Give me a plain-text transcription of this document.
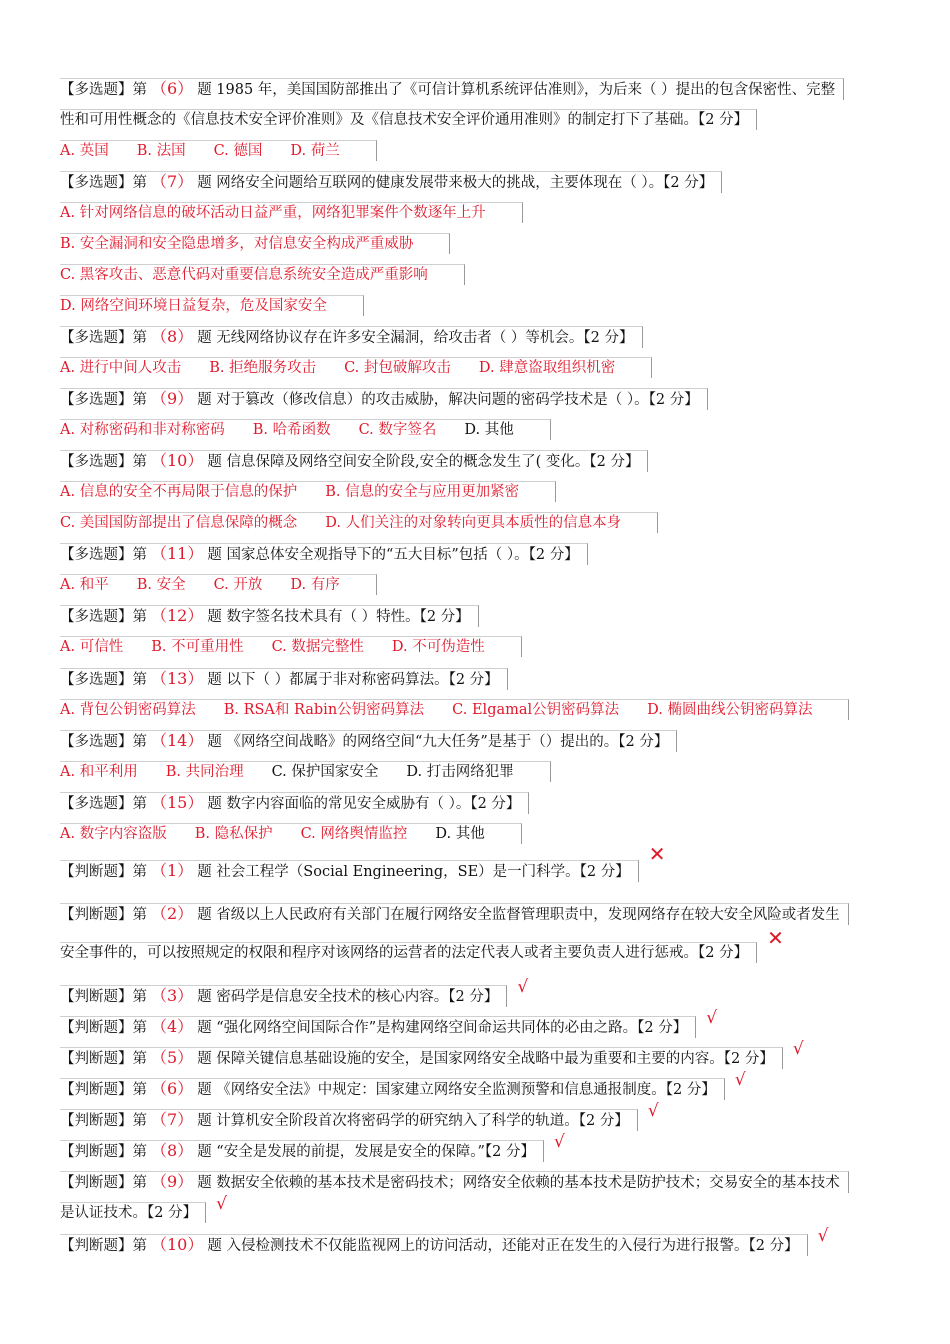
【多选题】第 （6） 题 1985 年，美国国防部推出了《可信计算机系统评估准则》，为后来（ ）提出的包含保密性、完整
性和可用性概念的《信息技术安全评价准则》及《信息技术安全评价通用准则》的制定打下了基础。【2 分】
A. 英国 B. 法国 C. 德国 D. 荷兰
【多选题】第 （7） 题 网络安全问题给互联网的健康发展带来极大的挑战，主要体现在（ ）。【2 分】
A. 针对网络信息的破坏活动日益严重，网络犯罪案件个数逐年上升
B. 安全漏洞和安全隐患增多，对信息安全构成严重威胁
C. 黑客攻击、恶意代码对重要信息系统安全造成严重影响
D. 网络空间环境日益复杂，危及国家安全
【多选题】第 （8） 题 无线网络协议存在许多安全漏洞，给攻击者（ ）等机会。【2 分】
A. 进行中间人攻击 B. 拒绝服务攻击 C. 封包破解攻击 D. 肆意盗取组织机密
【多选题】第 （9） 题 对于篡改（修改信息）的攻击威胁，解决问题的密码学技术是（ ）。【2 分】
A. 对称密码和非对称密码 B. 哈希函数 C. 数字签名 D. 其他
【多选题】第 （10） 题 信息保障及网络空间安全阶段,安全的概念发生了( 变化。【2 分】
A. 信息的安全不再局限于信息的保护 B. 信息的安全与应用更加紧密
C. 美国国防部提出了信息保障的概念 D. 人们关注的对象转向更具本质性的信息本身
【多选题】第 （11） 题 国家总体安全观指导下的“五大目标”包括（ ）。【2 分】
A. 和平 B. 安全 C. 开放 D. 有序
【多选题】第 （12） 题 数字签名技术具有（ ）特性。【2 分】
A. 可信性 B. 不可重用性 C. 数据完整性 D. 不可伪造性
【多选题】第 （13） 题 以下（ ）都属于非对称密码算法。【2 分】
A. 背包公钥密码算法 B. RSA和 Rabin公钥密码算法 C. Elgamal公钥密码算法 D. 椭圆曲线公钥密码算法
【多选题】第 （14） 题 《网络空间战略》的网络空间“九大任务”是基于（）提出的。【2 分】
A. 和平利用 B. 共同治理 C. 保护国家安全 D. 打击网络犯罪
【多选题】第 （15） 题 数字内容面临的常见安全威胁有（ ）。【2 分】
A. 数字内容盗版 B. 隐私保护 C. 网络舆情监控 D. 其他
【判断题】第 （1） 题 社会工程学（Social Engineering，SE）是一门科学。【2 分】
✕
【判断题】第 （2） 题 省级以上人民政府有关部门在履行网络安全监督管理职责中，发现网络存在较大安全风险或者发生
安全事件的，可以按照规定的权限和程序对该网络的运营者的法定代表人或者主要负责人进行惩戒。【2 分】
✕
【判断题】第 （3） 题 密码学是信息安全技术的核心内容。【2 分】	√
【判断题】第 （4） 题 “强化网络空间国际合作”是构建网络空间命运共同体的必由之路。【2 分】	√
【判断题】第 （5） 题 保障关键信息基础设施的安全，是国家网络安全战略中最为重要和主要的内容。【2 分】	√
【判断题】第 （6） 题 《网络安全法》中规定：国家建立网络安全监测预警和信息通报制度。【2 分】	√
【判断题】第 （7） 题 计算机安全阶段首次将密码学的研究纳入了科学的轨道。【2 分】	√
【判断题】第 （8） 题 “安全是发展的前提，发展是安全的保障。”【2 分】	√
【判断题】第 （9） 题 数据安全依赖的基本技术是密码技术；网络安全依赖的基本技术是防护技术；交易安全的基本技术
是认证技术。【2 分】	√
【判断题】第 （10） 题 入侵检测技术不仅能监视网上的访问活动，还能对正在发生的入侵行为进行报警。【2 分】	√
